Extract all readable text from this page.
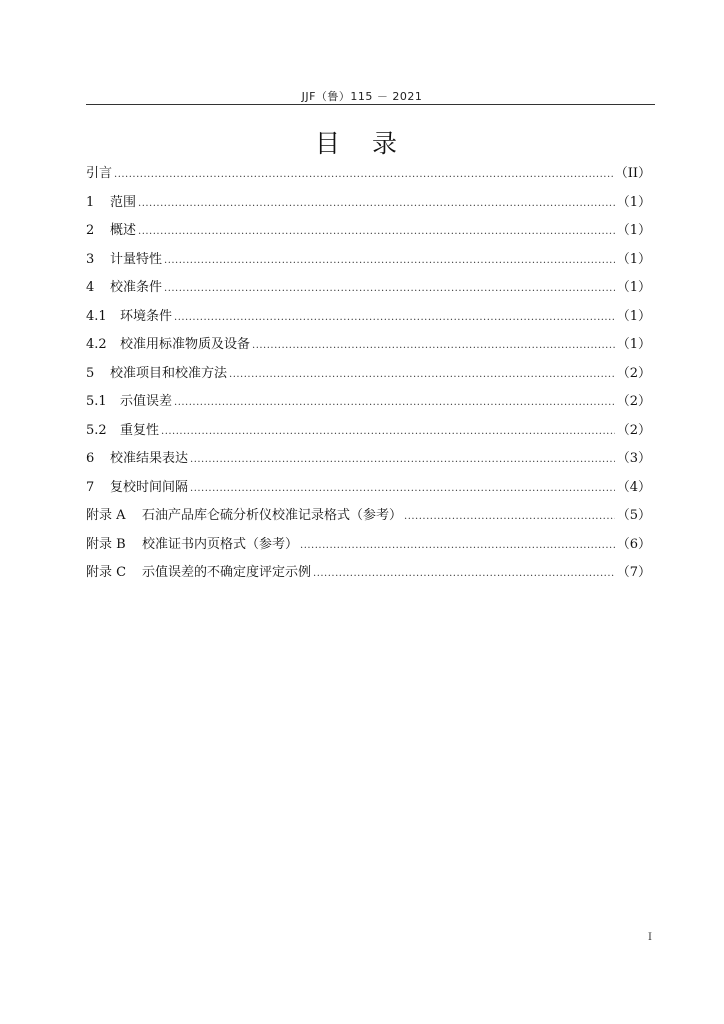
JJF（鲁）115 － 2021
目 录
引言 .....	（II）
1	范围 .....	（1）
2	概述 .....	（1）
3	计量特性 .....	（1）
4	校准条件 .....	（1）
4.1	环境条件 .....	（1）
4.2	校准用标准物质及设备 .....	（1）
5	校准项目和校准方法 .....	（2）
5.1	示值误差 .....	（2）
5.2	重复性 .....	（2）
6	校准结果表达 .....	（3）
7	复校时间间隔 .....	（4）
附录 A	石油产品库仑硫分析仪校准记录格式（参考） .....	（5）
附录 B	校准证书内页格式（参考） .....	（6）
附录 C	示值误差的不确定度评定示例 .....	（7）
I
